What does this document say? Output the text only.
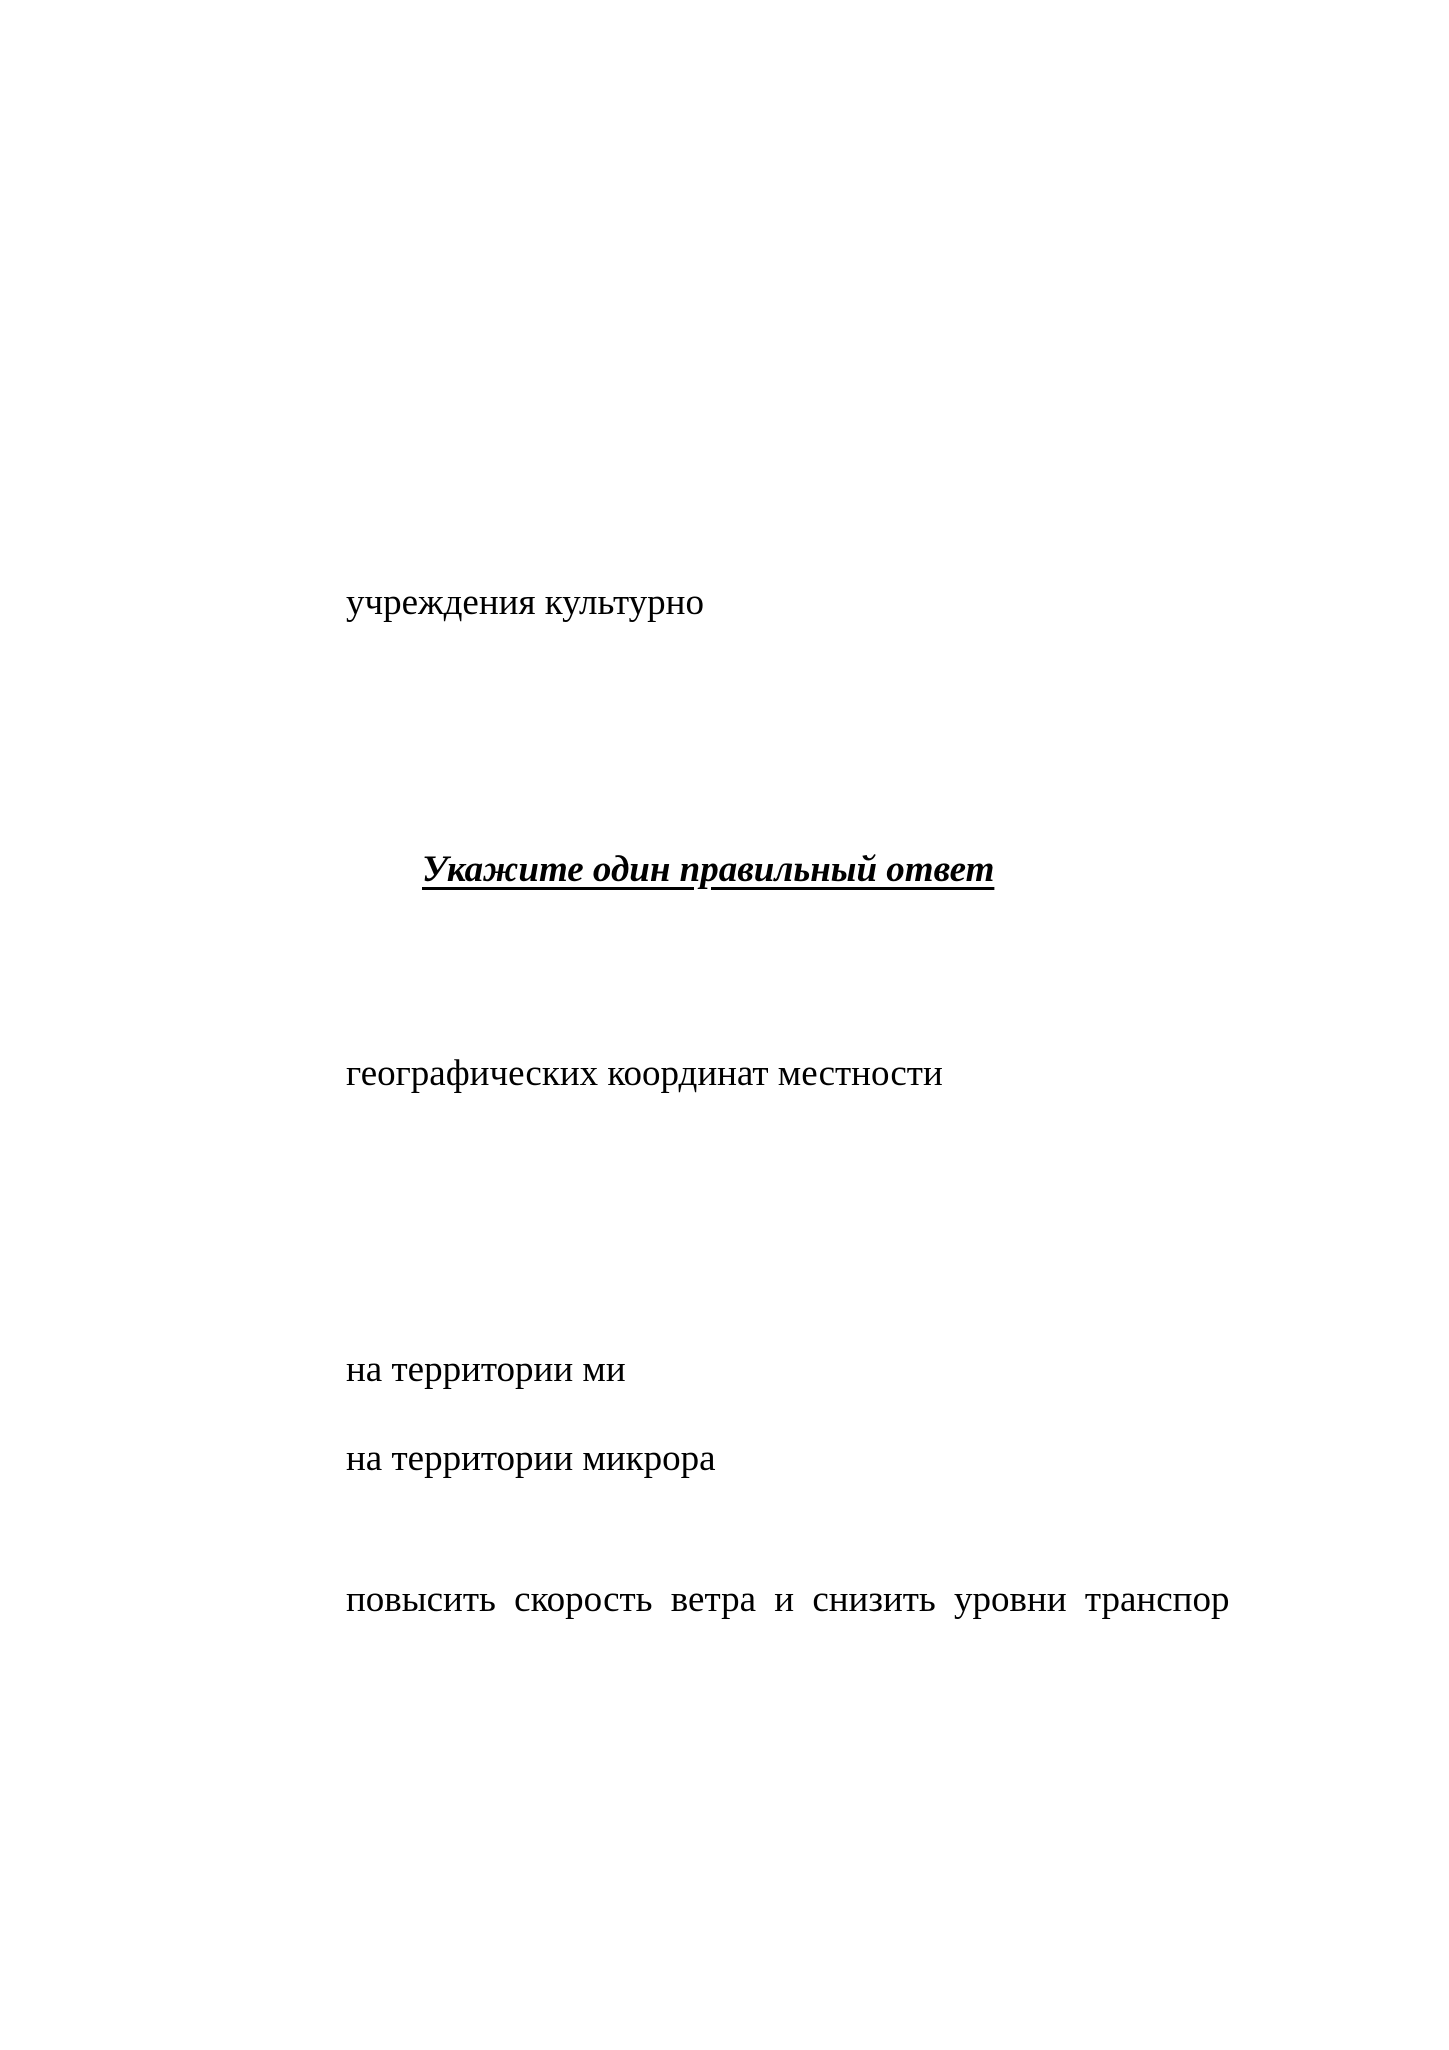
учреждения культурно
Укажите один правильный ответ
географических координат местности
на территории ми
на территории микрора
повысить скорость ветра и снизить уровни транспор
